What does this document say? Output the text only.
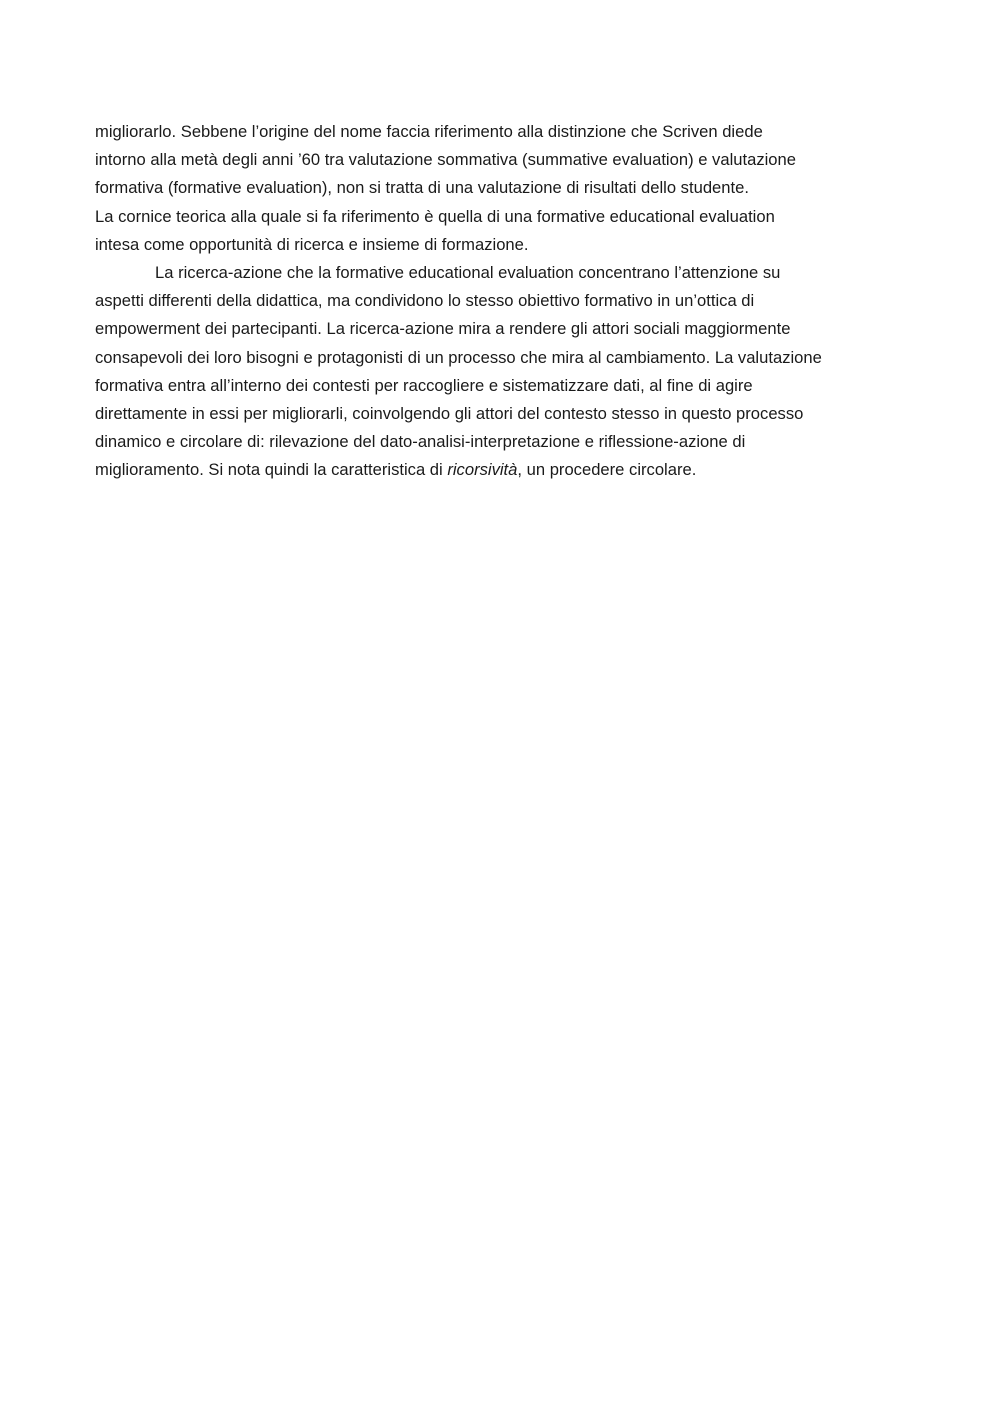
migliorarlo. Sebbene l’origine del nome faccia riferimento alla distinzione che Scriven diede
intorno alla metà degli anni ’60 tra valutazione sommativa (summative evaluation) e valutazione
formativa (formative evaluation), non si tratta di una valutazione di risultati dello studente.
La cornice teorica alla quale si fa riferimento è quella di una formative educational evaluation
intesa come opportunità di ricerca e insieme di formazione.
La ricerca-azione che la formative educational evaluation concentrano l’attenzione su
aspetti differenti della didattica, ma condividono lo stesso obiettivo formativo in un’ottica di
empowerment dei partecipanti. La ricerca-azione mira a rendere gli attori sociali maggiormente
consapevoli dei loro bisogni e protagonisti di un processo che mira al cambiamento. La valutazione
formativa entra all’interno dei contesti per raccogliere e sistematizzare dati, al fine di agire
direttamente in essi per migliorarli, coinvolgendo gli attori del contesto stesso in questo processo
dinamico e circolare di: rilevazione del dato-analisi-interpretazione e riflessione-azione di
miglioramento. Si nota quindi la caratteristica di ricorsività, un procedere circolare.
